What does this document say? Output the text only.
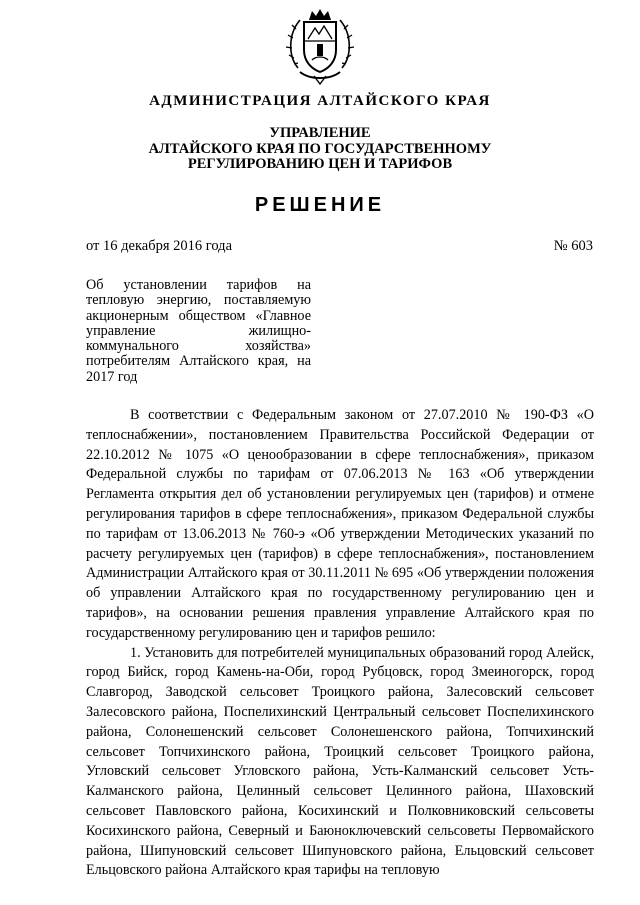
АДМИНИСТРАЦИЯ АЛТАЙСКОГО КРАЯ
УПРАВЛЕНИЕ
АЛТАЙСКОГО КРАЯ ПО ГОСУДАРСТВЕННОМУ
РЕГУЛИРОВАНИЮ ЦЕН И ТАРИФОВ
РЕШЕНИЕ
от 16 декабря 2016 года	№ 603
Об установлении тарифов на тепловую энергию, поставляемую акционерным обществом «Главное управление жилищно-коммунального хозяйства» потребителям Алтайского края, на 2017 год

В соответствии с Федеральным законом от 27.07.2010 № 190-ФЗ «О теплоснабжении», постановлением Правительства Российской Федерации от 22.10.2012 № 1075 «О ценообразовании в сфере теплоснабжения», приказом Федеральной службы по тарифам от 07.06.2013 № 163 «Об утверждении Регламента открытия дел об установлении регулируемых цен (тарифов) и отмене регулирования тарифов в сфере теплоснабжения», приказом Федеральной службы по тарифам от 13.06.2013 № 760-э «Об утверждении Методических указаний по расчету регулируемых цен (тарифов) в сфере теплоснабжения», постановлением Администрации Алтайского края от 30.11.2011 № 695 «Об утверждении положения об управлении Алтайского края по государственному регулированию цен и тарифов», на основании решения правления управление Алтайского края по государственному регулированию цен и тарифов решило:

1. Установить для потребителей муниципальных образований город Алейск, город Бийск, город Камень-на-Оби, город Рубцовск, город Змеиногорск, город Славгород, Заводской сельсовет Троицкого района, Залесовский сельсовет Залесовского района, Поспелихинский Центральный сельсовет Поспелихинского района, Солонешенский сельсовет Солонешенского района, Топчихинский сельсовет Топчихинского района, Троицкий сельсовет Троицкого района, Угловский сельсовет Угловского района, Усть-Калманский сельсовет Усть-Калманского района, Целинный сельсовет Целинного района, Шаховский сельсовет Павловского района, Косихинский и Полковниковский сельсоветы Косихинского района, Северный и Баюноключевский сельсоветы Первомайского района, Шипуновский сельсовет Шипуновского района, Ельцовский сельсовет Ельцовского района Алтайского края тарифы на тепловую
